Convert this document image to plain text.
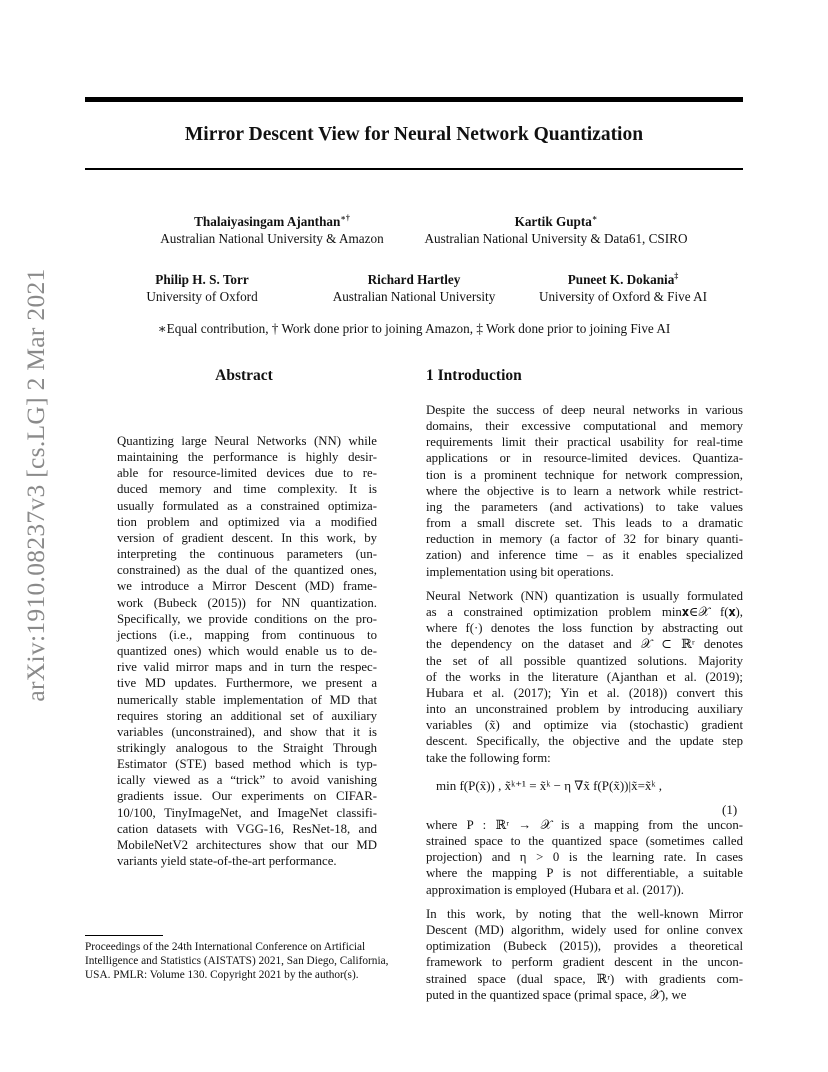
Mirror Descent View for Neural Network Quantization
arXiv:1910.08237v3 [cs.LG] 2 Mar 2021
Thalaiyasingam Ajanthan∗†
Australian National University & Amazon
Kartik Gupta∗
Australian National University & Data61, CSIRO
Philip H. S. Torr
University of Oxford
Richard Hartley
Australian National University
Puneet K. Dokania‡
University of Oxford & Five AI
∗Equal contribution, † Work done prior to joining Amazon, ‡ Work done prior to joining Five AI
Abstract
Quantizing large Neural Networks (NN) while
maintaining the performance is highly desir-
able for resource-limited devices due to re-
duced memory and time complexity. It is
usually formulated as a constrained optimiza-
tion problem and optimized via a modified
version of gradient descent. In this work, by
interpreting the continuous parameters (un-
constrained) as the dual of the quantized ones,
we introduce a Mirror Descent (MD) frame-
work (Bubeck (2015)) for NN quantization.
Specifically, we provide conditions on the pro-
jections (i.e., mapping from continuous to
quantized ones) which would enable us to de-
rive valid mirror maps and in turn the respec-
tive MD updates. Furthermore, we present a
numerically stable implementation of MD that
requires storing an additional set of auxiliary
variables (unconstrained), and show that it is
strikingly analogous to the Straight Through
Estimator (STE) based method which is typ-
ically viewed as a “trick” to avoid vanishing
gradients issue. Our experiments on CIFAR-
10/100, TinyImageNet, and ImageNet classifi-
cation datasets with VGG-16, ResNet-18, and
MobileNetV2 architectures show that our MD
variants yield state-of-the-art performance.
Proceedings of the 24th International Conference on Artificial Intelligence and Statistics (AISTATS) 2021, San Diego, California, USA. PMLR: Volume 130. Copyright 2021 by the author(s).
1 Introduction
Despite the success of deep neural networks in various
domains, their excessive computational and memory
requirements limit their practical usability for real-time
applications or in resource-limited devices. Quantiza-
tion is a prominent technique for network compression,
where the objective is to learn a network while restrict-
ing the parameters (and activations) to take values
from a small discrete set. This leads to a dramatic
reduction in memory (a factor of 32 for binary quanti-
zation) and inference time – as it enables specialized
implementation using bit operations.
Neural Network (NN) quantization is usually formulated
as a constrained optimization problem min𝐱∈𝒳 f(𝐱),
where f(·) denotes the loss function by abstracting out
the dependency on the dataset and 𝒳 ⊂ ℝʳ denotes
the set of all possible quantized solutions. Majority
of the works in the literature (Ajanthan et al. (2019);
Hubara et al. (2017); Yin et al. (2018)) convert this
into an unconstrained problem by introducing auxiliary
variables (x̃) and optimize via (stochastic) gradient
descent. Specifically, the objective and the update step
take the following form:
min f(P(x̃)) , x̃ᵏ⁺¹ = x̃ᵏ − η ∇x̃ f(P(x̃))|x̃=x̃ᵏ ,
(1)
where P : ℝʳ → 𝒳 is a mapping from the uncon-
strained space to the quantized space (sometimes called
projection) and η > 0 is the learning rate. In cases
where the mapping P is not differentiable, a suitable
approximation is employed (Hubara et al. (2017)).
In this work, by noting that the well-known Mirror
Descent (MD) algorithm, widely used for online convex
optimization (Bubeck (2015)), provides a theoretical
framework to perform gradient descent in the uncon-
strained space (dual space, ℝʳ) with gradients com-
puted in the quantized space (primal space, 𝒳), we
